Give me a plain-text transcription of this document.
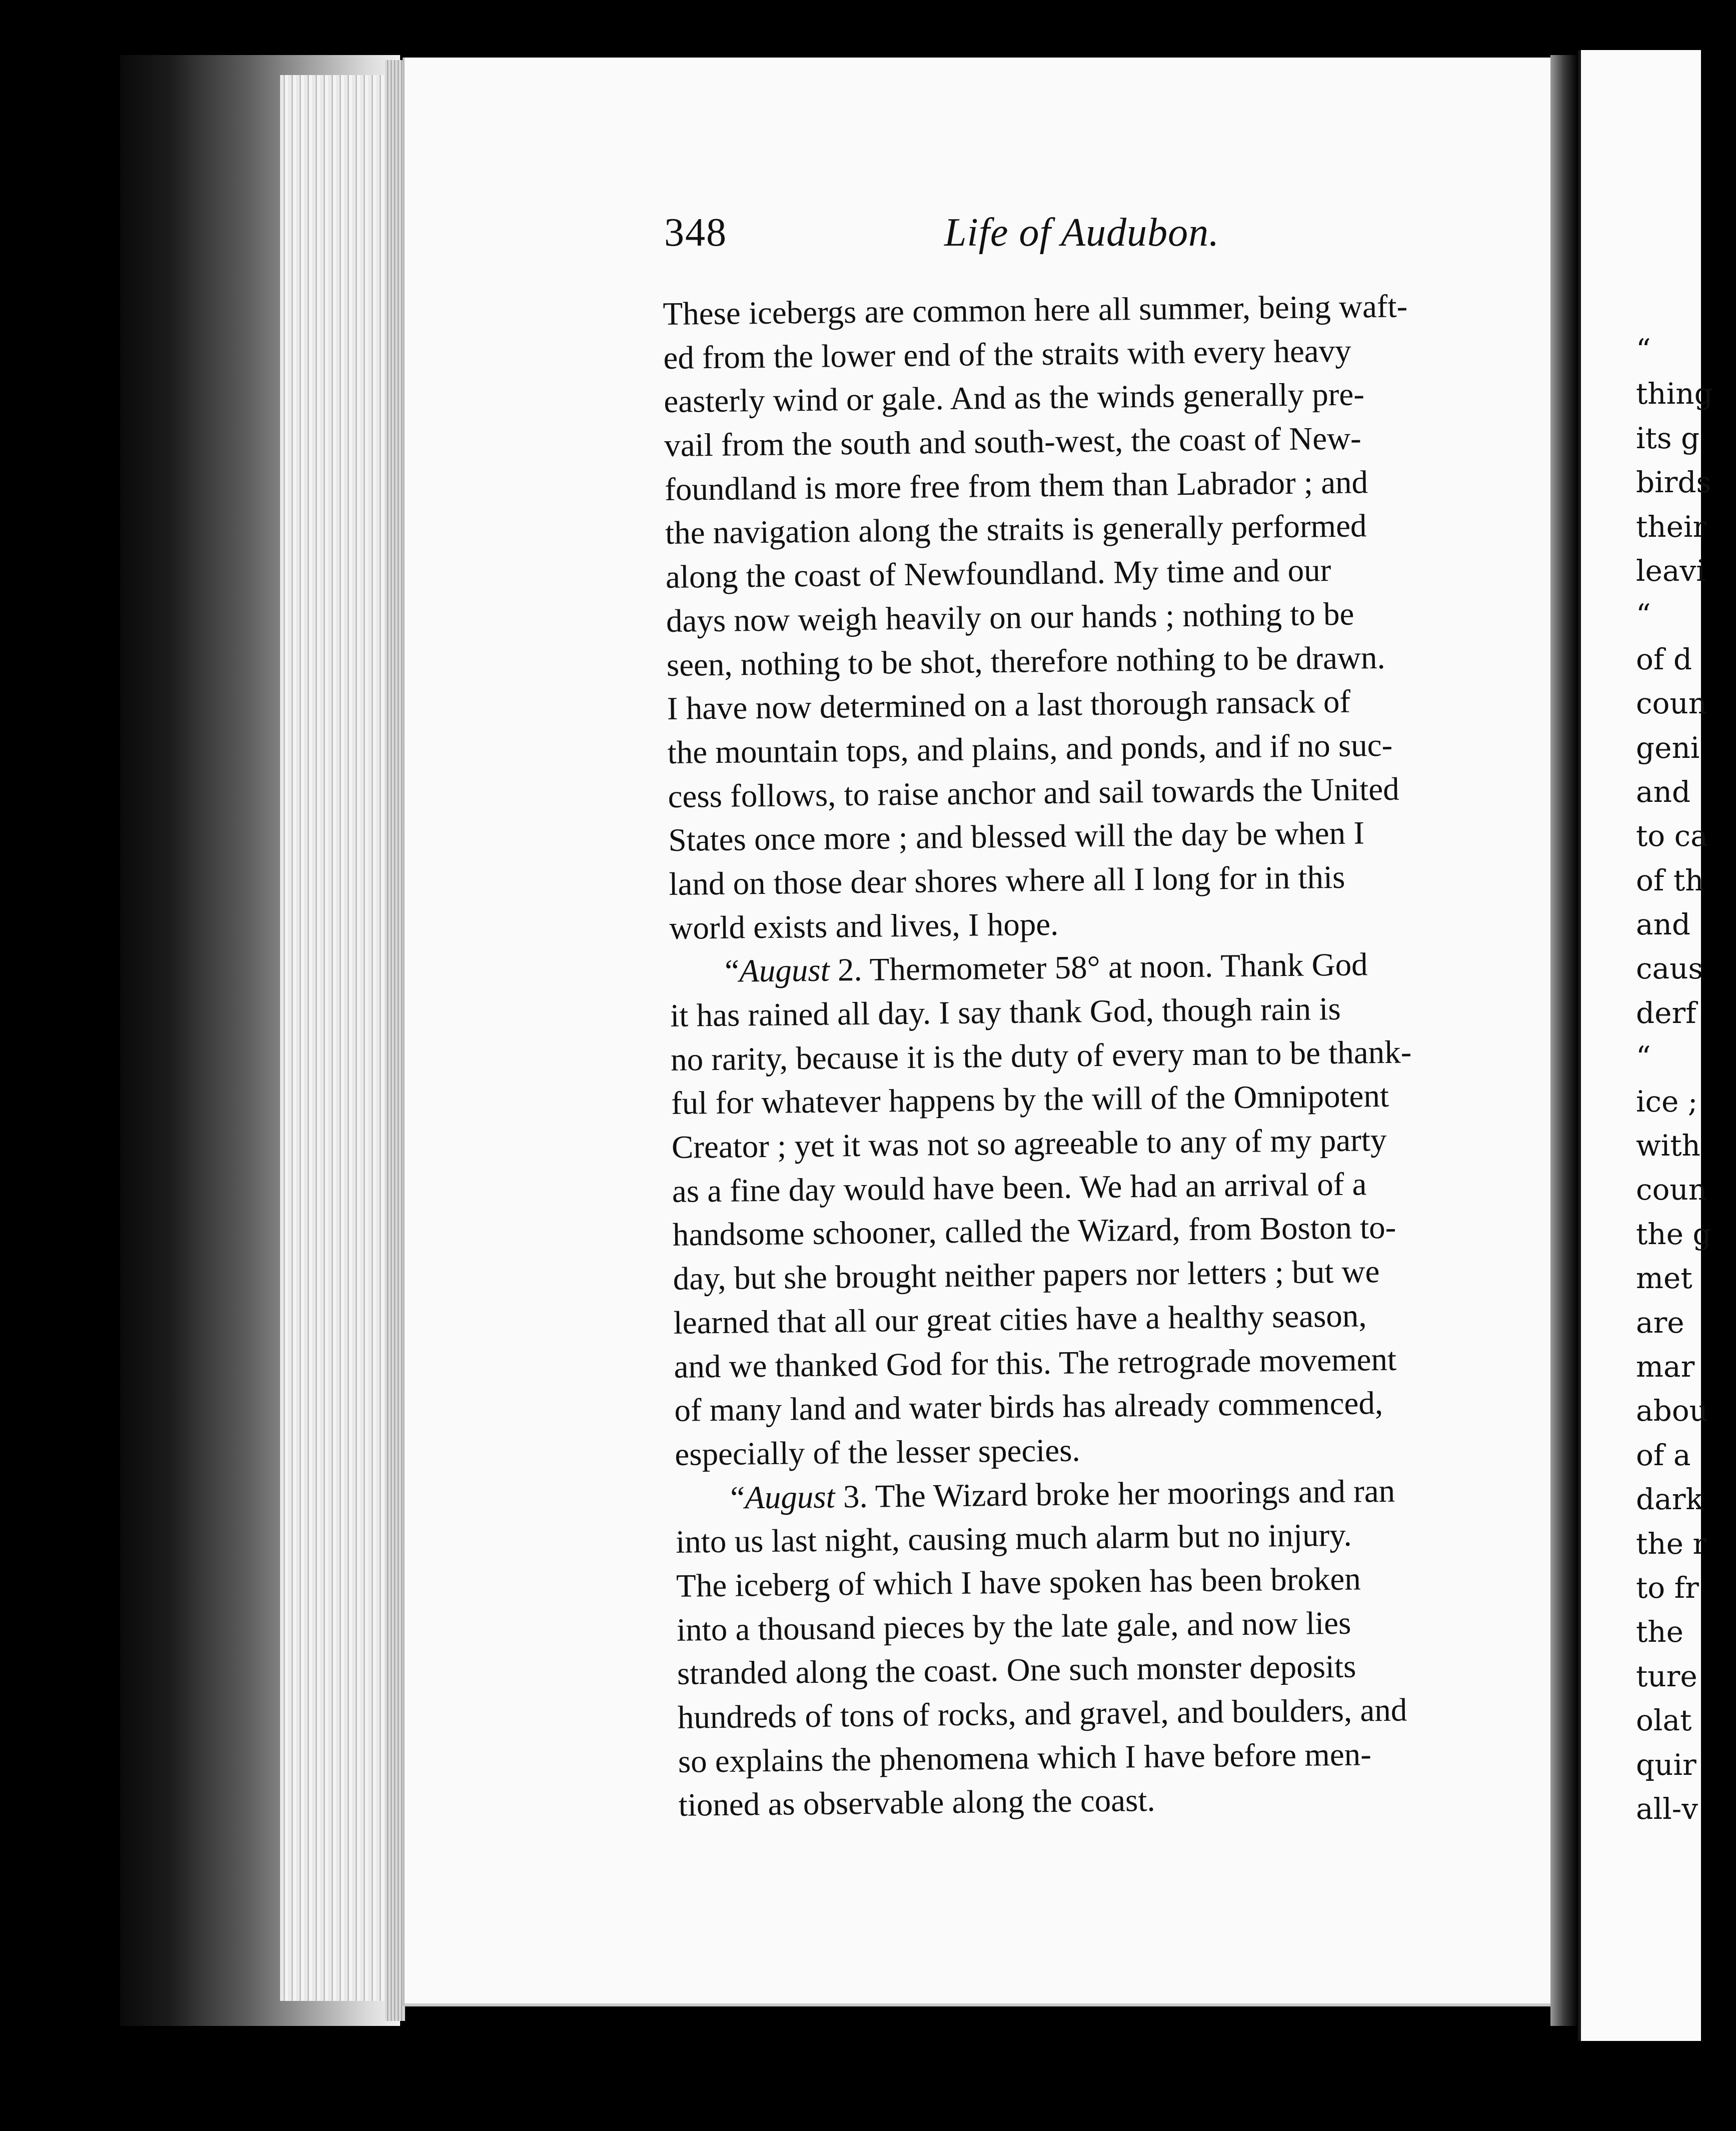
“
thing
its g
birds
their
leavi
“
of d
coun
geni
and
to ca
of th
and
caus
derf
“
ice ;
with
coun
the g
met
are
mar
abou
of a
dark
the r
to fr
the
ture
olat
quir
all-v
348	Life of Audubon.
These icebergs are common here all summer, being waft-
ed from the lower end of the straits with every heavy
easterly wind or gale. And as the winds generally pre-
vail from the south and south-west, the coast of New-
foundland is more free from them than Labrador ; and
the navigation along the straits is generally performed
along the coast of Newfoundland. My time and our
days now weigh heavily on our hands ; nothing to be
seen, nothing to be shot, therefore nothing to be drawn.
I have now determined on a last thorough ransack of
the mountain tops, and plains, and ponds, and if no suc-
cess follows, to raise anchor and sail towards the United
States once more ; and blessed will the day be when I
land on those dear shores where all I long for in this
world exists and lives, I hope.
“August 2. Thermometer 58° at noon. Thank God
it has rained all day. I say thank God, though rain is
no rarity, because it is the duty of every man to be thank-
ful for whatever happens by the will of the Omnipotent
Creator ; yet it was not so agreeable to any of my party
as a fine day would have been. We had an arrival of a
handsome schooner, called the Wizard, from Boston to-
day, but she brought neither papers nor letters ; but we
learned that all our great cities have a healthy season,
and we thanked God for this. The retrograde movement
of many land and water birds has already commenced,
especially of the lesser species.
“August 3. The Wizard broke her moorings and ran
into us last night, causing much alarm but no injury.
The iceberg of which I have spoken has been broken
into a thousand pieces by the late gale, and now lies
stranded along the coast. One such monster deposits
hundreds of tons of rocks, and gravel, and boulders, and
so explains the phenomena which I have before men-
tioned as observable along the coast.
